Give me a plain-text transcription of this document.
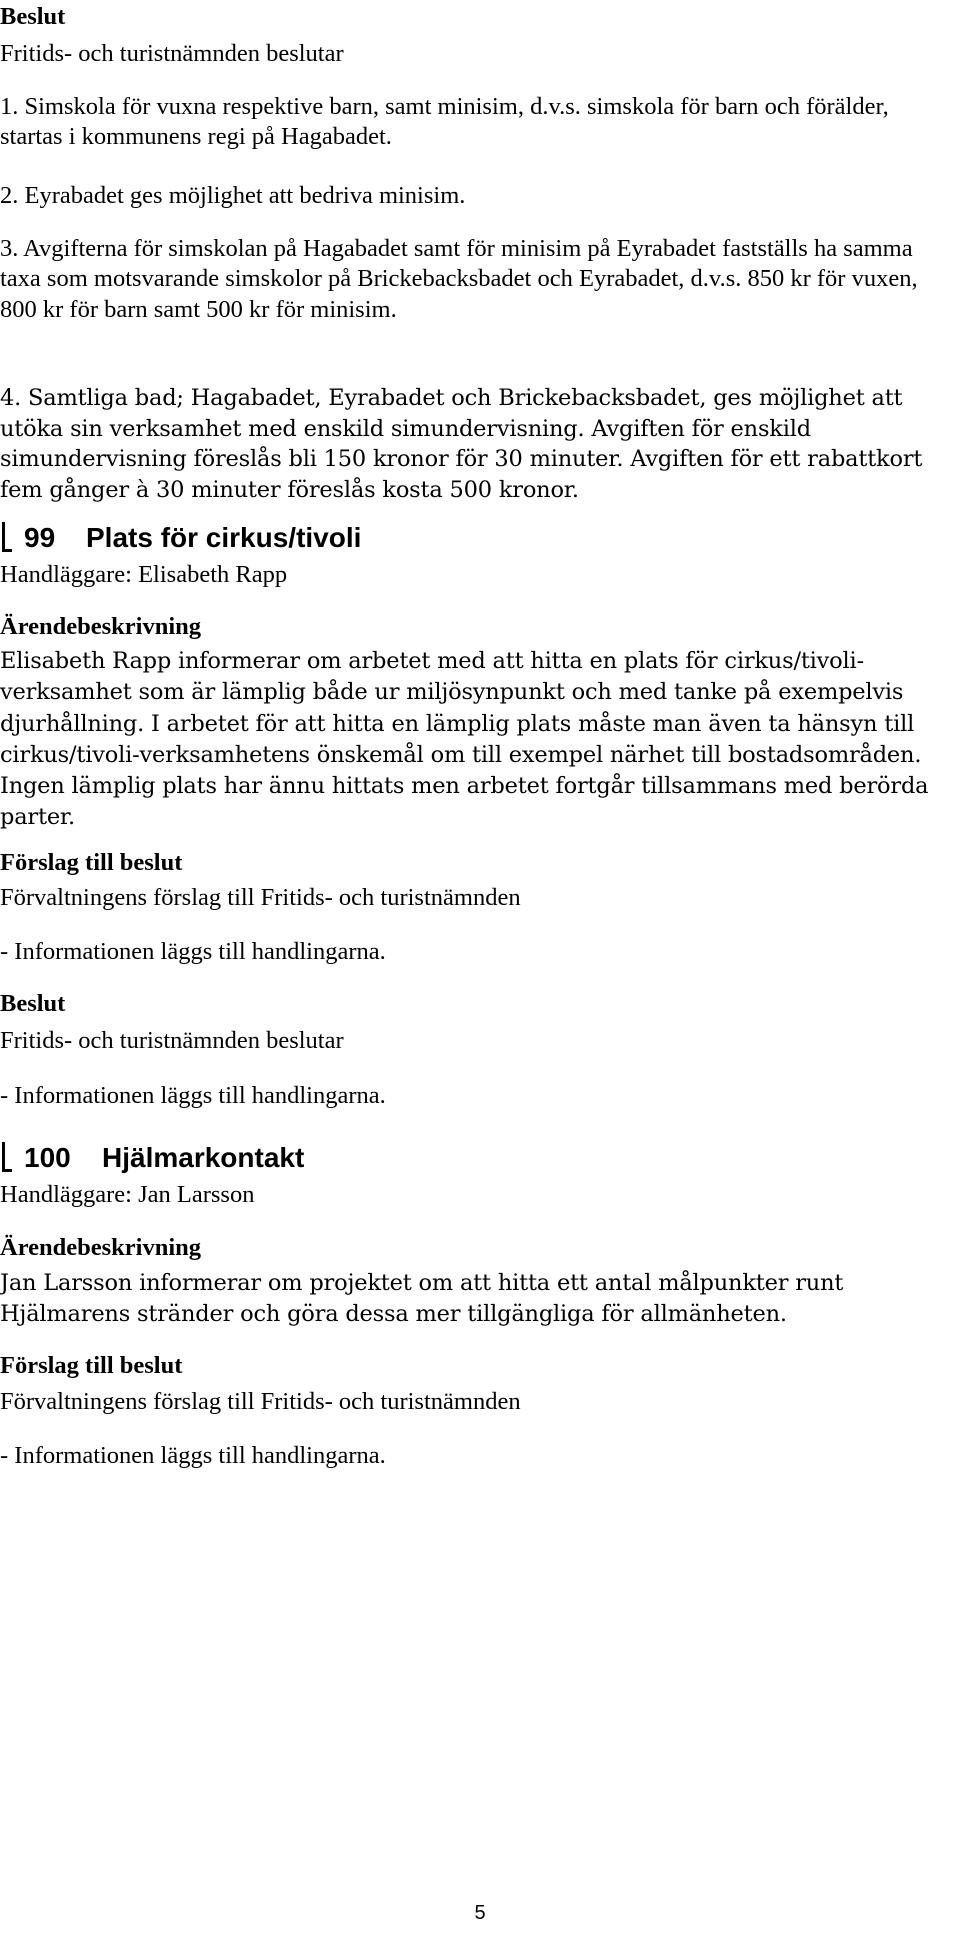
Beslut

Fritids- och turistnämnden beslutar

1. Simskola för vuxna respektive barn, samt minisim, d.v.s. simskola för barn och förälder, startas i kommunens regi på Hagabadet.

2. Eyrabadet ges möjlighet att bedriva minisim.

3. Avgifterna för simskolan på Hagabadet samt för minisim på Eyrabadet fastställs ha samma taxa som motsvarande simskolor på Brickebacksbadet och Eyrabadet, d.v.s. 850 kr för vuxen, 800 kr för barn samt 500 kr för minisim.

4. Samtliga bad; Hagabadet, Eyrabadet och Brickebacksbadet, ges möjlighet att utöka sin verksamhet med enskild simundervisning. Avgiften för enskild simundervisning föreslås bli 150 kronor för 30 minuter. Avgiften för ett rabattkort fem gånger à 30 minuter föreslås kosta 500 kronor.

99	Plats för cirkus/tivoli

Handläggare: Elisabeth Rapp

Ärendebeskrivning

Elisabeth Rapp informerar om arbetet med att hitta en plats för cirkus/tivoli-verksamhet som är lämplig både ur miljösynpunkt och med tanke på exempelvis djurhållning. I arbetet för att hitta en lämplig plats måste man även ta hänsyn till cirkus/tivoli-verksamhetens önskemål om till exempel närhet till bostadsområden. Ingen lämplig plats har ännu hittats men arbetet fortgår tillsammans med berörda parter.

Förslag till beslut

Förvaltningens förslag till Fritids- och turistnämnden

- Informationen läggs till handlingarna.

Beslut

Fritids- och turistnämnden beslutar

- Informationen läggs till handlingarna.

100	Hjälmarkontakt

Handläggare: Jan Larsson

Ärendebeskrivning

Jan Larsson informerar om projektet om att hitta ett antal målpunkter runt Hjälmarens stränder och göra dessa mer tillgängliga för allmänheten.

Förslag till beslut

Förvaltningens förslag till Fritids- och turistnämnden

- Informationen läggs till handlingarna.

5
